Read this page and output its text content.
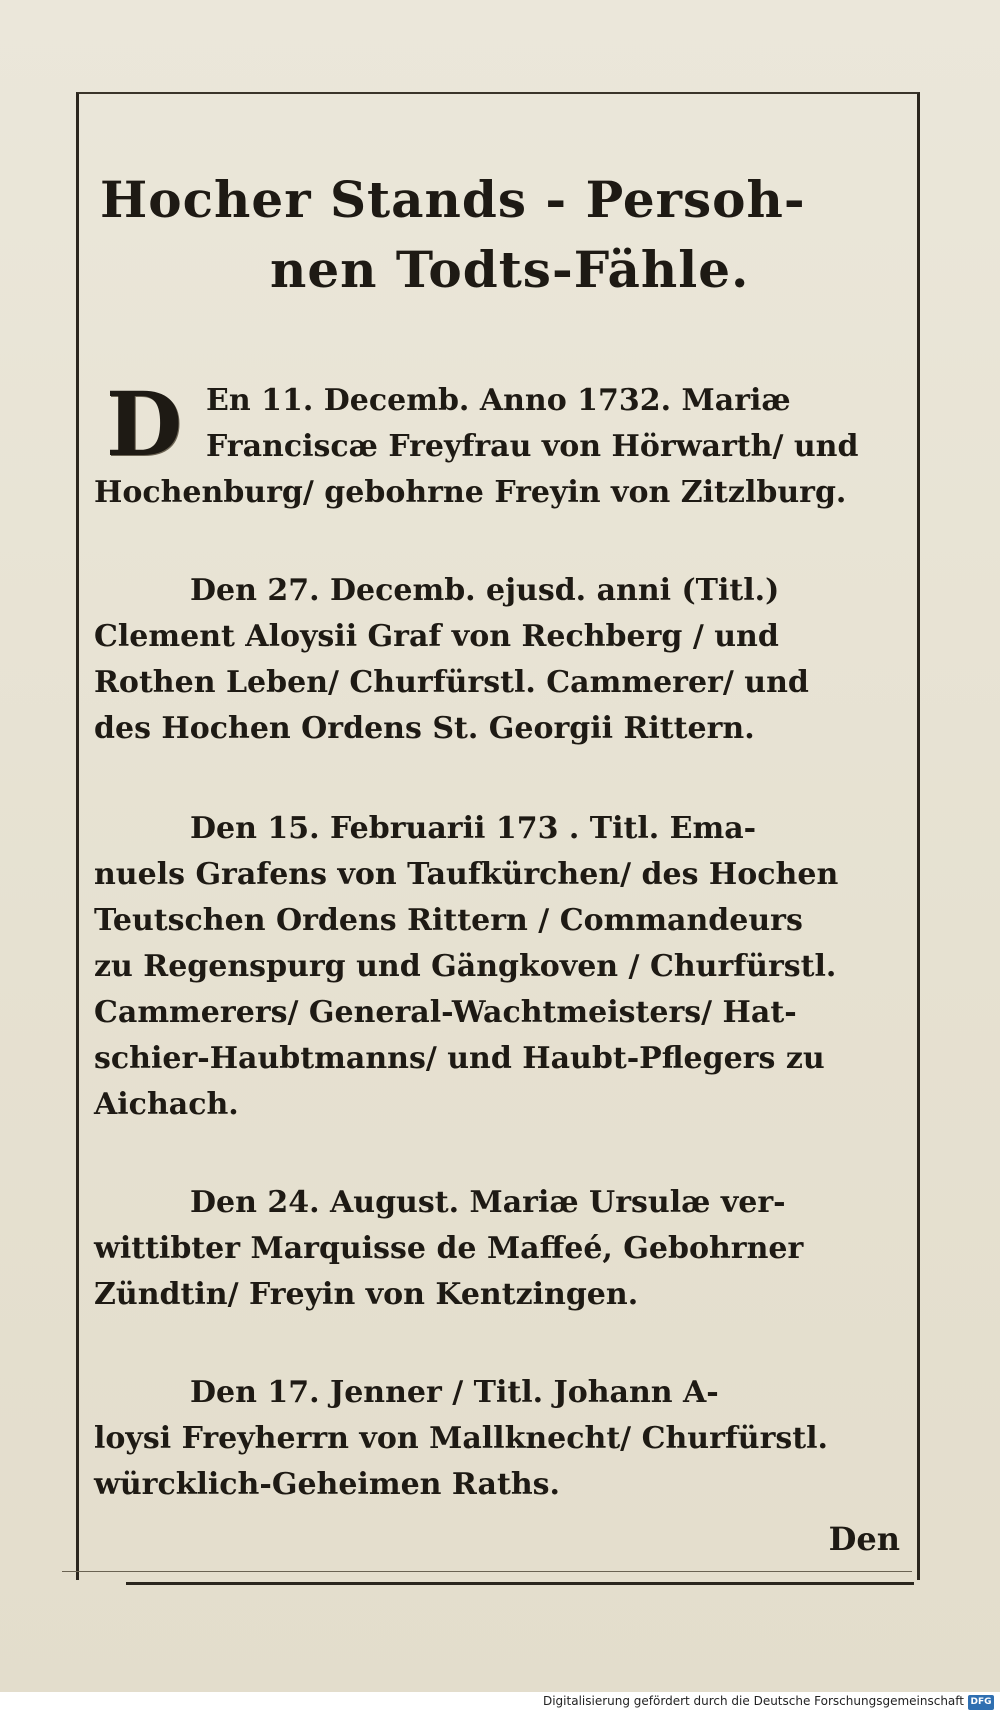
Hocher Stands - Persoh-
nen Todts-Fähle.
D En 11. Decemb. Anno 1732. Mariæ
Franciscæ Freyfrau von Hörwarth/ und
Hochenburg/ gebohrne Freyin von Zitzlburg.
Den 27. Decemb. ejusd. anni (Titl.)
Clement Aloysii Graf von Rechberg / und
Rothen Leben/ Churfürstl. Cammerer/ und
des Hochen Ordens St. Georgii Rittern.
Den 15. Februarii 173 . Titl. Ema-
nuels Grafens von Taufkürchen/ des Hochen
Teutschen Ordens Rittern / Commandeurs
zu Regenspurg und Gängkoven / Churfürstl.
Cammerers/ General-Wachtmeisters/ Hat-
schier-Haubtmanns/ und Haubt-Pflegers zu
Aichach.
Den 24. August. Mariæ Ursulæ ver-
wittibter Marquisse de Maffeé, Gebohrner
Zündtin/ Freyin von Kentzingen.
Den 17. Jenner / Titl. Johann A-
loysi Freyherrn von Mallknecht/ Churfürstl.
würcklich-Geheimen Raths.
Den
Digitalisierung gefördert durch die Deutsche Forschungsgemeinschaft DFG
